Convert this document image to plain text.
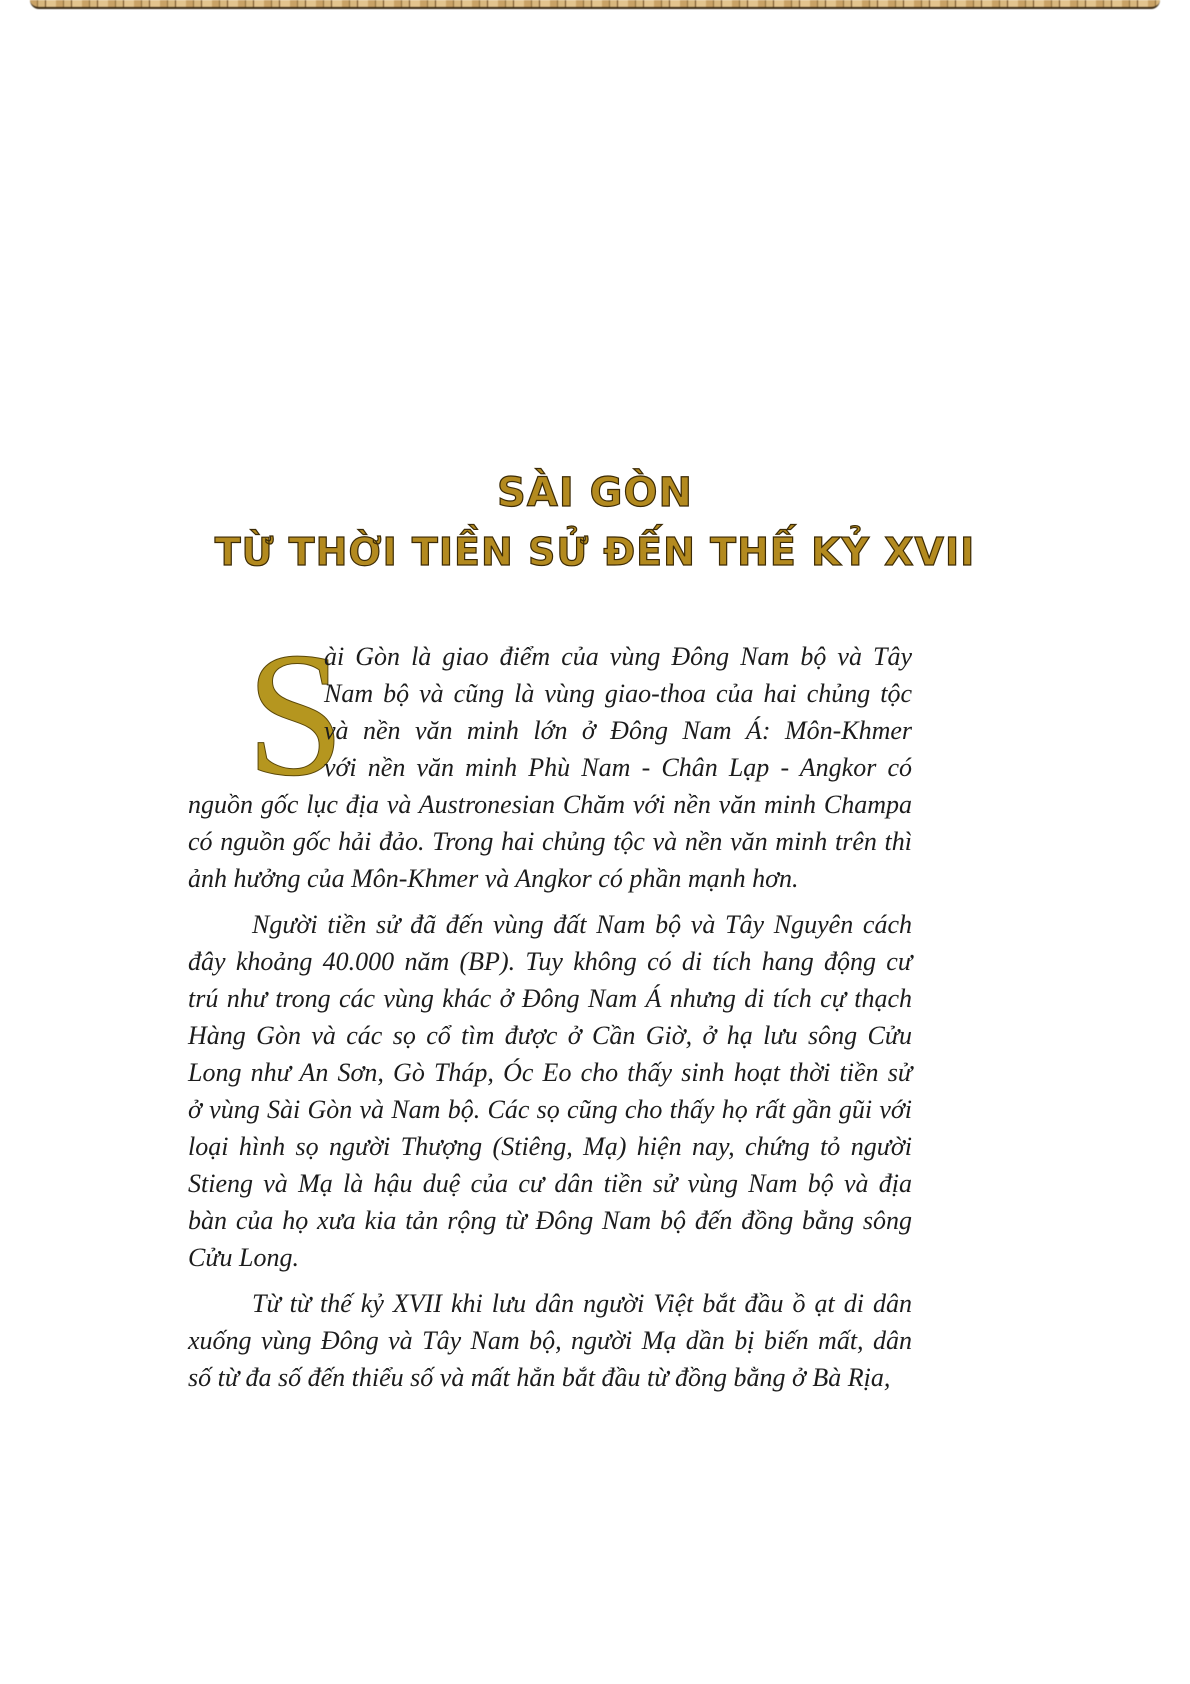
SÀI GÒN
TỪ THỜI TIỀN SỬ ĐẾN THẾ KỶ XVII
S
ài Gòn là giao điểm của vùng Đông Nam bộ và Tây
Nam bộ và cũng là vùng giao-thoa của hai chủng tộc
và nền văn minh lớn ở Đông Nam Á: Môn-Khmer
với nền văn minh Phù Nam - Chân Lạp - Angkor có
nguồn gốc lục địa và Austronesian Chăm với nền văn minh Champa
có nguồn gốc hải đảo. Trong hai chủng tộc và nền văn minh trên thì
ảnh hưởng của Môn-Khmer và Angkor có phần mạnh hơn.
Người tiền sử đã đến vùng đất Nam bộ và Tây Nguyên cách
đây khoảng 40.000 năm (BP). Tuy không có di tích hang động cư
trú như trong các vùng khác ở Đông Nam Á nhưng di tích cự thạch
Hàng Gòn và các sọ cổ tìm được ở Cần Giờ, ở hạ lưu sông Cửu
Long như An Sơn, Gò Tháp, Óc Eo cho thấy sinh hoạt thời tiền sử
ở vùng Sài Gòn và Nam bộ. Các sọ cũng cho thấy họ rất gần gũi với
loại hình sọ người Thượng (Stiêng, Mạ) hiện nay, chứng tỏ người
Stieng và Mạ là hậu duệ của cư dân tiền sử vùng Nam bộ và địa
bàn của họ xưa kia tản rộng từ Đông Nam bộ đến đồng bằng sông
Cửu Long.
Từ từ thế kỷ XVII khi lưu dân người Việt bắt đầu ồ ạt di dân
xuống vùng Đông và Tây Nam bộ, người Mạ dần bị biến mất, dân
số từ đa số đến thiểu số và mất hẳn bắt đầu từ đồng bằng ở Bà Rịa,
